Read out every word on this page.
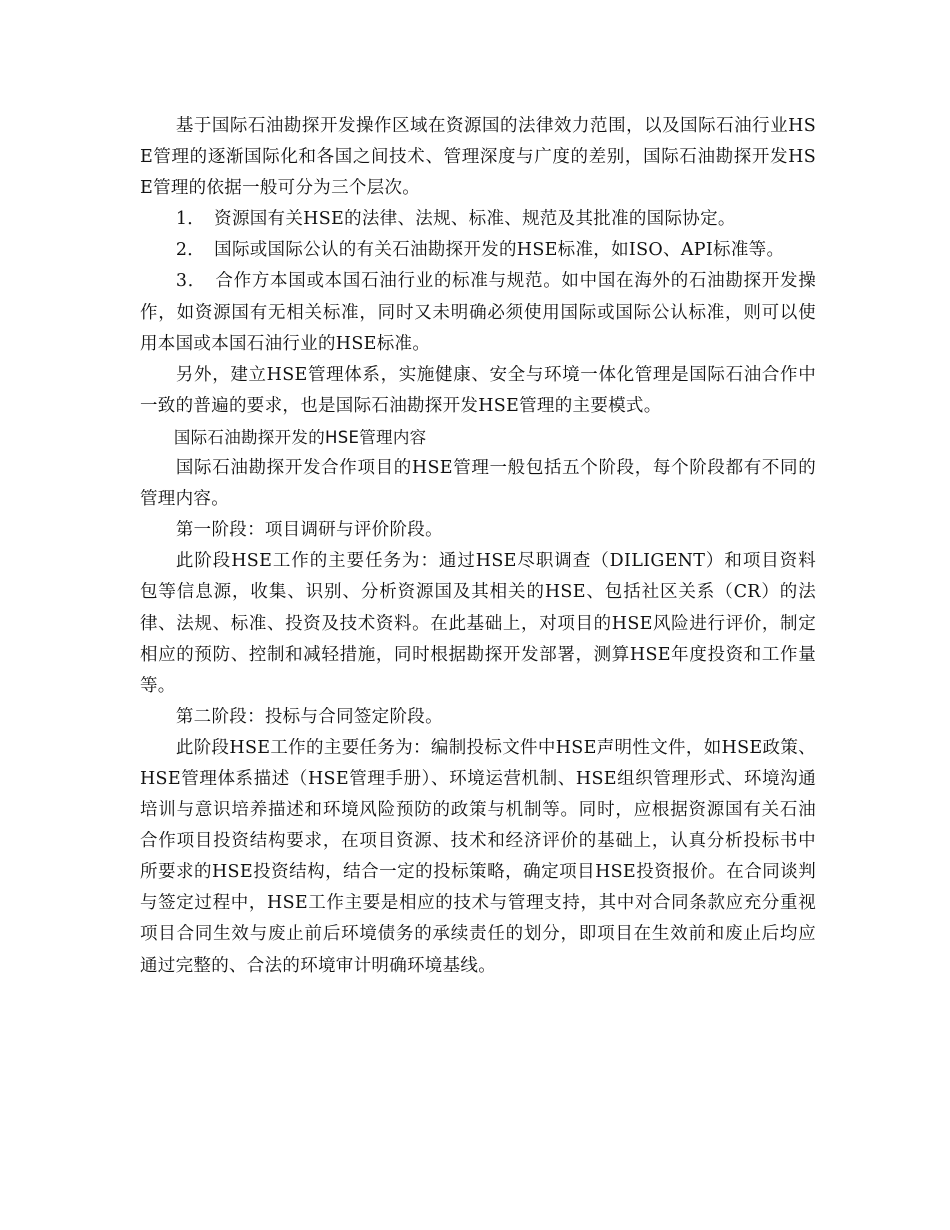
基于国际石油勘探开发操作区域在资源国的法律效力范围，以及国际石油行业HSE管理的逐渐国际化和各国之间技术、管理深度与广度的差别，国际石油勘探开发HSE管理的依据一般可分为三个层次。

1．　资源国有关HSE的法律、法规、标准、规范及其批准的国际协定。

2．　国际或国际公认的有关石油勘探开发的HSE标准，如ISO、API标准等。

3．　合作方本国或本国石油行业的标准与规范。如中国在海外的石油勘探开发操作，如资源国有无相关标准，同时又未明确必须使用国际或国际公认标准，则可以使用本国或本国石油行业的HSE标准。

另外，建立HSE管理体系，实施健康、安全与环境一体化管理是国际石油合作中一致的普遍的要求，也是国际石油勘探开发HSE管理的主要模式。

国际石油勘探开发的HSE管理内容

国际石油勘探开发合作项目的HSE管理一般包括五个阶段，每个阶段都有不同的管理内容。

第一阶段：项目调研与评价阶段。

此阶段HSE工作的主要任务为：通过HSE尽职调查（DILIGENT）和项目资料包等信息源，收集、识别、分析资源国及其相关的HSE、包括社区关系（CR）的法律、法规、标准、投资及技术资料。在此基础上，对项目的HSE风险进行评价，制定相应的预防、控制和减轻措施，同时根据勘探开发部署，测算HSE年度投资和工作量等。

第二阶段：投标与合同签定阶段。

此阶段HSE工作的主要任务为：编制投标文件中HSE声明性文件，如HSE政策、HSE管理体系描述（HSE管理手册）、环境运营机制、HSE组织管理形式、环境沟通培训与意识培养描述和环境风险预防的政策与机制等。同时，应根据资源国有关石油合作项目投资结构要求，在项目资源、技术和经济评价的基础上，认真分析投标书中所要求的HSE投资结构，结合一定的投标策略，确定项目HSE投资报价。在合同谈判与签定过程中，HSE工作主要是相应的技术与管理支持，其中对合同条款应充分重视项目合同生效与废止前后环境债务的承续责任的划分，即项目在生效前和废止后均应通过完整的、合法的环境审计明确环境基线。
